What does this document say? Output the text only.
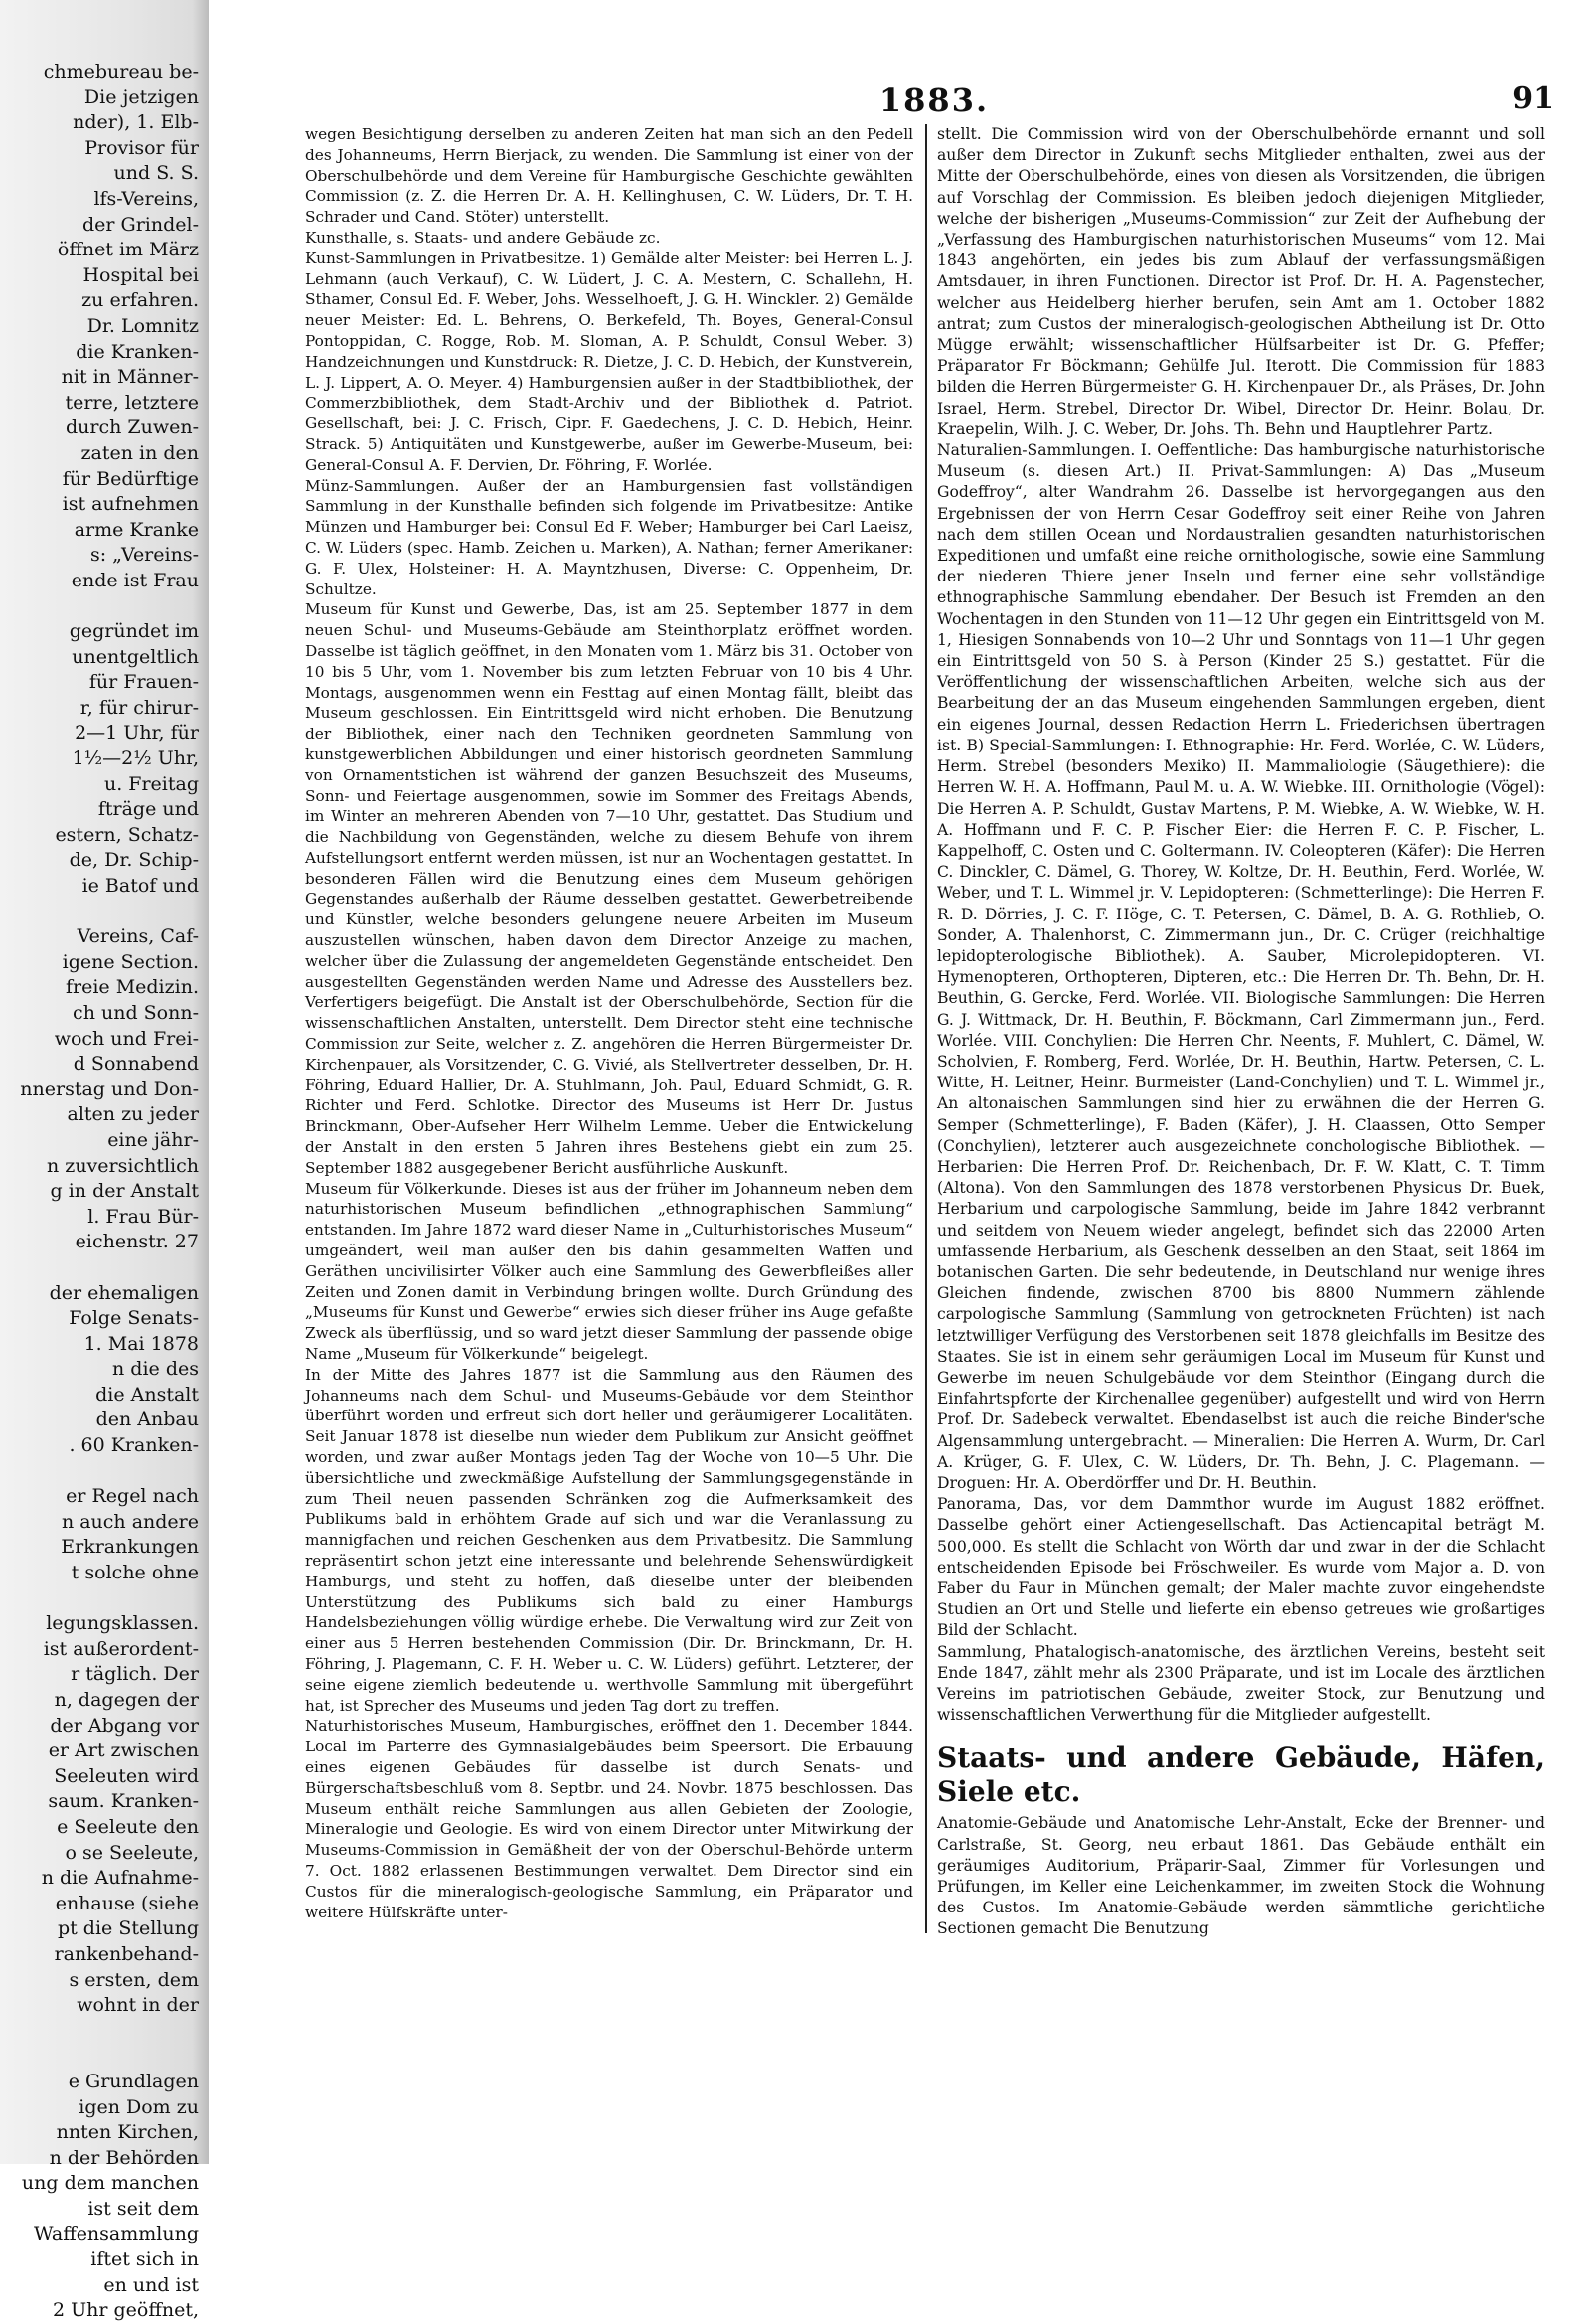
chmebureau be-
Die jetzigen
nder), 1. Elb-
Provisor für
und S. S.
lfs-Vereins,
der Grindel-
öffnet im März
Hospital bei
zu erfahren.
Dr. Lomnitz
die Kranken-
nit in Männer-
terre, letztere
durch Zuwen-
zaten in den
für Bedürftige
ist aufnehmen
arme Kranke
s: „Vereins-
ende ist Frau
gegründet im
unentgeltlich
für Frauen-
r, für chirur-
2—1 Uhr, für
1½—2½ Uhr,
u. Freitag
fträge und
estern, Schatz-
de, Dr. Schip-
ie Batof und
Vereins, Caf-
igene Section.
freie Medizin.
ch und Sonn-
woch und Frei-
d Sonnabend
nnerstag und Don-
alten zu jeder
eine jähr-
n zuversichtlich
g in der Anstalt
l. Frau Bür-
eichenstr. 27
der ehemaligen
Folge Senats-
1. Mai 1878
n die des
die Anstalt
den Anbau
. 60 Kranken-
er Regel nach
n auch andere
Erkrankungen
t solche ohne
legungsklassen.
ist außerordent-
r täglich. Der
n, dagegen der
der Abgang vor
er Art zwischen
Seeleuten wird
saum. Kranken-
e Seeleute den
o se Seeleute,
n die Aufnahme-
enhause (siehe
pt die Stellung
rankenbehand-
s ersten, dem
wohnt in der
e Grundlagen
igen Dom zu
nnten Kirchen,
n der Behörden
ung dem manchen
ist seit dem
Waffensammlung
iftet sich in
en und ist
2 Uhr geöffnet,
1883.	91

wegen Besichtigung derselben zu anderen Zeiten hat man sich an den Pedell des Johanneums, Herrn Bierjack, zu wenden. Die Sammlung ist einer von der Oberschulbehörde und dem Vereine für Hamburgische Geschichte gewählten Commission (z. Z. die Herren Dr. A. H. Kellinghusen, C. W. Lüders, Dr. T. H. Schrader und Cand. Stöter) unterstellt.

Kunsthalle, s. Staats- und andere Gebäude zc.

Kunst-Sammlungen in Privatbesitze. 1) Gemälde alter Meister: bei Herren L. J. Lehmann (auch Verkauf), C. W. Lüdert, J. C. A. Mestern, C. Schallehn, H. Sthamer, Consul Ed. F. Weber, Johs. Wesselhoeft, J. G. H. Winckler. 2) Gemälde neuer Meister: Ed. L. Behrens, O. Berkefeld, Th. Boyes, General-Consul Pontoppidan, C. Rogge, Rob. M. Sloman, A. P. Schuldt, Consul Weber. 3) Handzeichnungen und Kunstdruck: R. Dietze, J. C. D. Hebich, der Kunstverein, L. J. Lippert, A. O. Meyer. 4) Hamburgensien außer in der Stadtbibliothek, der Commerzbibliothek, dem Stadt-Archiv und der Bibliothek d. Patriot. Gesellschaft, bei: J. C. Frisch, Cipr. F. Gaedechens, J. C. D. Hebich, Heinr. Strack. 5) Antiquitäten und Kunstgewerbe, außer im Gewerbe-Museum, bei: General-Consul A. F. Dervien, Dr. Föhring, F. Worlée.

Münz-Sammlungen. Außer der an Hamburgensien fast vollständigen Sammlung in der Kunsthalle befinden sich folgende im Privatbesitze: Antike Münzen und Hamburger bei: Consul Ed F. Weber; Hamburger bei Carl Laeisz, C. W. Lüders (spec. Hamb. Zeichen u. Marken), A. Nathan; ferner Amerikaner: G. F. Ulex, Holsteiner: H. A. Mayntzhusen, Diverse: C. Oppenheim, Dr. Schultze.

Museum für Kunst und Gewerbe, Das, ist am 25. September 1877 in dem neuen Schul- und Museums-Gebäude am Steinthorplatz eröffnet worden. Dasselbe ist täglich geöffnet, in den Monaten vom 1. März bis 31. October von 10 bis 5 Uhr, vom 1. November bis zum letzten Februar von 10 bis 4 Uhr. Montags, ausgenommen wenn ein Festtag auf einen Montag fällt, bleibt das Museum geschlossen. Ein Eintrittsgeld wird nicht erhoben. Die Benutzung der Bibliothek, einer nach den Techniken geordneten Sammlung von kunstgewerblichen Abbildungen und einer historisch geordneten Sammlung von Ornamentstichen ist während der ganzen Besuchszeit des Museums, Sonn- und Feiertage ausgenommen, sowie im Sommer des Freitags Abends, im Winter an mehreren Abenden von 7—10 Uhr, gestattet. Das Studium und die Nachbildung von Gegenständen, welche zu diesem Behufe von ihrem Aufstellungsort entfernt werden müssen, ist nur an Wochentagen gestattet. In besonderen Fällen wird die Benutzung eines dem Museum gehörigen Gegenstandes außerhalb der Räume desselben gestattet. Gewerbetreibende und Künstler, welche besonders gelungene neuere Arbeiten im Museum auszustellen wünschen, haben davon dem Director Anzeige zu machen, welcher über die Zulassung der angemeldeten Gegenstände entscheidet. Den ausgestellten Gegenständen werden Name und Adresse des Ausstellers bez. Verfertigers beigefügt. Die Anstalt ist der Oberschulbehörde, Section für die wissenschaftlichen Anstalten, unterstellt. Dem Director steht eine technische Commission zur Seite, welcher z. Z. angehören die Herren Bürgermeister Dr. Kirchenpauer, als Vorsitzender, C. G. Vivié, als Stellvertreter desselben, Dr. H. Föhring, Eduard Hallier, Dr. A. Stuhlmann, Joh. Paul, Eduard Schmidt, G. R. Richter und Ferd. Schlotke. Director des Museums ist Herr Dr. Justus Brinckmann, Ober-Aufseher Herr Wilhelm Lemme. Ueber die Entwickelung der Anstalt in den ersten 5 Jahren ihres Bestehens giebt ein zum 25. September 1882 ausgegebener Bericht ausführliche Auskunft.

Museum für Völkerkunde. Dieses ist aus der früher im Johanneum neben dem naturhistorischen Museum befindlichen „ethnographischen Sammlung“ entstanden. Im Jahre 1872 ward dieser Name in „Culturhistorisches Museum“ umgeändert, weil man außer den bis dahin gesammelten Waffen und Geräthen uncivilisirter Völker auch eine Sammlung des Gewerbfleißes aller Zeiten und Zonen damit in Verbindung bringen wollte. Durch Gründung des „Museums für Kunst und Gewerbe“ erwies sich dieser früher ins Auge gefaßte Zweck als überflüssig, und so ward jetzt dieser Sammlung der passende obige Name „Museum für Völkerkunde“ beigelegt.

In der Mitte des Jahres 1877 ist die Sammlung aus den Räumen des Johanneums nach dem Schul- und Museums-Gebäude vor dem Steinthor überführt worden und erfreut sich dort heller und geräumigerer Localitäten. Seit Januar 1878 ist dieselbe nun wieder dem Publikum zur Ansicht geöffnet worden, und zwar außer Montags jeden Tag der Woche von 10—5 Uhr. Die übersichtliche und zweckmäßige Aufstellung der Sammlungsgegenstände in zum Theil neuen passenden Schränken zog die Aufmerksamkeit des Publikums bald in erhöhtem Grade auf sich und war die Veranlassung zu mannigfachen und reichen Geschenken aus dem Privatbesitz. Die Sammlung repräsentirt schon jetzt eine interessante und belehrende Sehenswürdigkeit Hamburgs, und steht zu hoffen, daß dieselbe unter der bleibenden Unterstützung des Publikums sich bald zu einer Hamburgs Handelsbeziehungen völlig würdige erhebe. Die Verwaltung wird zur Zeit von einer aus 5 Herren bestehenden Commission (Dir. Dr. Brinckmann, Dr. H. Föhring, J. Plagemann, C. F. H. Weber u. C. W. Lüders) geführt. Letzterer, der seine eigene ziemlich bedeutende u. werthvolle Sammlung mit übergeführt hat, ist Sprecher des Museums und jeden Tag dort zu treffen.

Naturhistorisches Museum, Hamburgisches, eröffnet den 1. December 1844. Local im Parterre des Gymnasialgebäudes beim Speersort. Die Erbauung eines eigenen Gebäudes für dasselbe ist durch Senats- und Bürgerschaftsbeschluß vom 8. Septbr. und 24. Novbr. 1875 beschlossen. Das Museum enthält reiche Sammlungen aus allen Gebieten der Zoologie, Mineralogie und Geologie. Es wird von einem Director unter Mitwirkung der Museums-Commission in Gemäßheit der von der Oberschul-Behörde unterm 7. Oct. 1882 erlassenen Bestimmungen verwaltet. Dem Director sind ein Custos für die mineralogisch-geologische Sammlung, ein Präparator und weitere Hülfskräfte unter-

stellt. Die Commission wird von der Oberschulbehörde ernannt und soll außer dem Director in Zukunft sechs Mitglieder enthalten, zwei aus der Mitte der Oberschulbehörde, eines von diesen als Vorsitzenden, die übrigen auf Vorschlag der Commission. Es bleiben jedoch diejenigen Mitglieder, welche der bisherigen „Museums-Commission“ zur Zeit der Aufhebung der „Verfassung des Hamburgischen naturhistorischen Museums“ vom 12. Mai 1843 angehörten, ein jedes bis zum Ablauf der verfassungsmäßigen Amtsdauer, in ihren Functionen. Director ist Prof. Dr. H. A. Pagenstecher, welcher aus Heidelberg hierher berufen, sein Amt am 1. October 1882 antrat; zum Custos der mineralogisch-geologischen Abtheilung ist Dr. Otto Mügge erwählt; wissenschaftlicher Hülfsarbeiter ist Dr. G. Pfeffer; Präparator Fr Böckmann; Gehülfe Jul. Iterott. Die Commission für 1883 bilden die Herren Bürgermeister G. H. Kirchenpauer Dr., als Präses, Dr. John Israel, Herm. Strebel, Director Dr. Wibel, Director Dr. Heinr. Bolau, Dr. Kraepelin, Wilh. J. C. Weber, Dr. Johs. Th. Behn und Hauptlehrer Partz.

Naturalien-Sammlungen. I. Oeffentliche: Das hamburgische naturhistorische Museum (s. diesen Art.) II. Privat-Sammlungen: A) Das „Museum Godeffroy“, alter Wandrahm 26. Dasselbe ist hervorgegangen aus den Ergebnissen der von Herrn Cesar Godeffroy seit einer Reihe von Jahren nach dem stillen Ocean und Nordaustralien gesandten naturhistorischen Expeditionen und umfaßt eine reiche ornithologische, sowie eine Sammlung der niederen Thiere jener Inseln und ferner eine sehr vollständige ethnographische Sammlung ebendaher. Der Besuch ist Fremden an den Wochentagen in den Stunden von 11—12 Uhr gegen ein Eintrittsgeld von M. 1, Hiesigen Sonnabends von 10—2 Uhr und Sonntags von 11—1 Uhr gegen ein Eintrittsgeld von 50 S. à Person (Kinder 25 S.) gestattet. Für die Veröffentlichung der wissenschaftlichen Arbeiten, welche sich aus der Bearbeitung der an das Museum eingehenden Sammlungen ergeben, dient ein eigenes Journal, dessen Redaction Herrn L. Friederichsen übertragen ist. B) Special-Sammlungen: I. Ethnographie: Hr. Ferd. Worlée, C. W. Lüders, Herm. Strebel (besonders Mexiko) II. Mammaliologie (Säugethiere): die Herren W. H. A. Hoffmann, Paul M. u. A. W. Wiebke. III. Ornithologie (Vögel): Die Herren A. P. Schuldt, Gustav Martens, P. M. Wiebke, A. W. Wiebke, W. H. A. Hoffmann und F. C. P. Fischer Eier: die Herren F. C. P. Fischer, L. Kappelhoff, C. Osten und C. Goltermann. IV. Coleopteren (Käfer): Die Herren C. Dinckler, C. Dämel, G. Thorey, W. Koltze, Dr. H. Beuthin, Ferd. Worlée, W. Weber, und T. L. Wimmel jr. V. Lepidopteren: (Schmetterlinge): Die Herren F. R. D. Dörries, J. C. F. Höge, C. T. Petersen, C. Dämel, B. A. G. Rothlieb, O. Sonder, A. Thalenhorst, C. Zimmermann jun., Dr. C. Crüger (reichhaltige lepidopterologische Bibliothek). A. Sauber, Microlepidopteren. VI. Hymenopteren, Orthopteren, Dipteren, etc.: Die Herren Dr. Th. Behn, Dr. H. Beuthin, G. Gercke, Ferd. Worlée. VII. Biologische Sammlungen: Die Herren G. J. Wittmack, Dr. H. Beuthin, F. Böckmann, Carl Zimmermann jun., Ferd. Worlée. VIII. Conchylien: Die Herren Chr. Neents, F. Muhlert, C. Dämel, W. Scholvien, F. Romberg, Ferd. Worlée, Dr. H. Beuthin, Hartw. Petersen, C. L. Witte, H. Leitner, Heinr. Burmeister (Land-Conchylien) und T. L. Wimmel jr., An altonaischen Sammlungen sind hier zu erwähnen die der Herren G. Semper (Schmetterlinge), F. Baden (Käfer), J. H. Claassen, Otto Semper (Conchylien), letzterer auch ausgezeichnete conchologische Bibliothek. — Herbarien: Die Herren Prof. Dr. Reichenbach, Dr. F. W. Klatt, C. T. Timm (Altona). Von den Sammlungen des 1878 verstorbenen Physicus Dr. Buek, Herbarium und carpologische Sammlung, beide im Jahre 1842 verbrannt und seitdem von Neuem wieder angelegt, befindet sich das 22000 Arten umfassende Herbarium, als Geschenk desselben an den Staat, seit 1864 im botanischen Garten. Die sehr bedeutende, in Deutschland nur wenige ihres Gleichen findende, zwischen 8700 bis 8800 Nummern zählende carpologische Sammlung (Sammlung von getrockneten Früchten) ist nach letztwilliger Verfügung des Verstorbenen seit 1878 gleichfalls im Besitze des Staates. Sie ist in einem sehr geräumigen Local im Museum für Kunst und Gewerbe im neuen Schulgebäude vor dem Steinthor (Eingang durch die Einfahrtspforte der Kirchenallee gegenüber) aufgestellt und wird von Herrn Prof. Dr. Sadebeck verwaltet. Ebendaselbst ist auch die reiche Binder'sche Algensammlung untergebracht. — Mineralien: Die Herren A. Wurm, Dr. Carl A. Krüger, G. F. Ulex, C. W. Lüders, Dr. Th. Behn, J. C. Plagemann. — Droguen: Hr. A. Oberdörffer und Dr. H. Beuthin.

Panorama, Das, vor dem Dammthor wurde im August 1882 eröffnet. Dasselbe gehört einer Actiengesellschaft. Das Actiencapital beträgt M. 500,000. Es stellt die Schlacht von Wörth dar und zwar in der die Schlacht entscheidenden Episode bei Fröschweiler. Es wurde vom Major a. D. von Faber du Faur in München gemalt; der Maler machte zuvor eingehendste Studien an Ort und Stelle und lieferte ein ebenso getreues wie großartiges Bild der Schlacht.

Sammlung, Phatalogisch-anatomische, des ärztlichen Vereins, besteht seit Ende 1847, zählt mehr als 2300 Präparate, und ist im Locale des ärztlichen Vereins im patriotischen Gebäude, zweiter Stock, zur Benutzung und wissenschaftlichen Verwerthung für die Mitglieder aufgestellt.

Staats- und andere Gebäude, Häfen, Siele etc.

Anatomie-Gebäude und Anatomische Lehr-Anstalt, Ecke der Brenner- und Carlstraße, St. Georg, neu erbaut 1861. Das Gebäude enthält ein geräumiges Auditorium, Präparir-Saal, Zimmer für Vorlesungen und Prüfungen, im Keller eine Leichenkammer, im zweiten Stock die Wohnung des Custos. Im Anatomie-Gebäude werden sämmtliche gerichtliche Sectionen gemacht Die Benutzung
